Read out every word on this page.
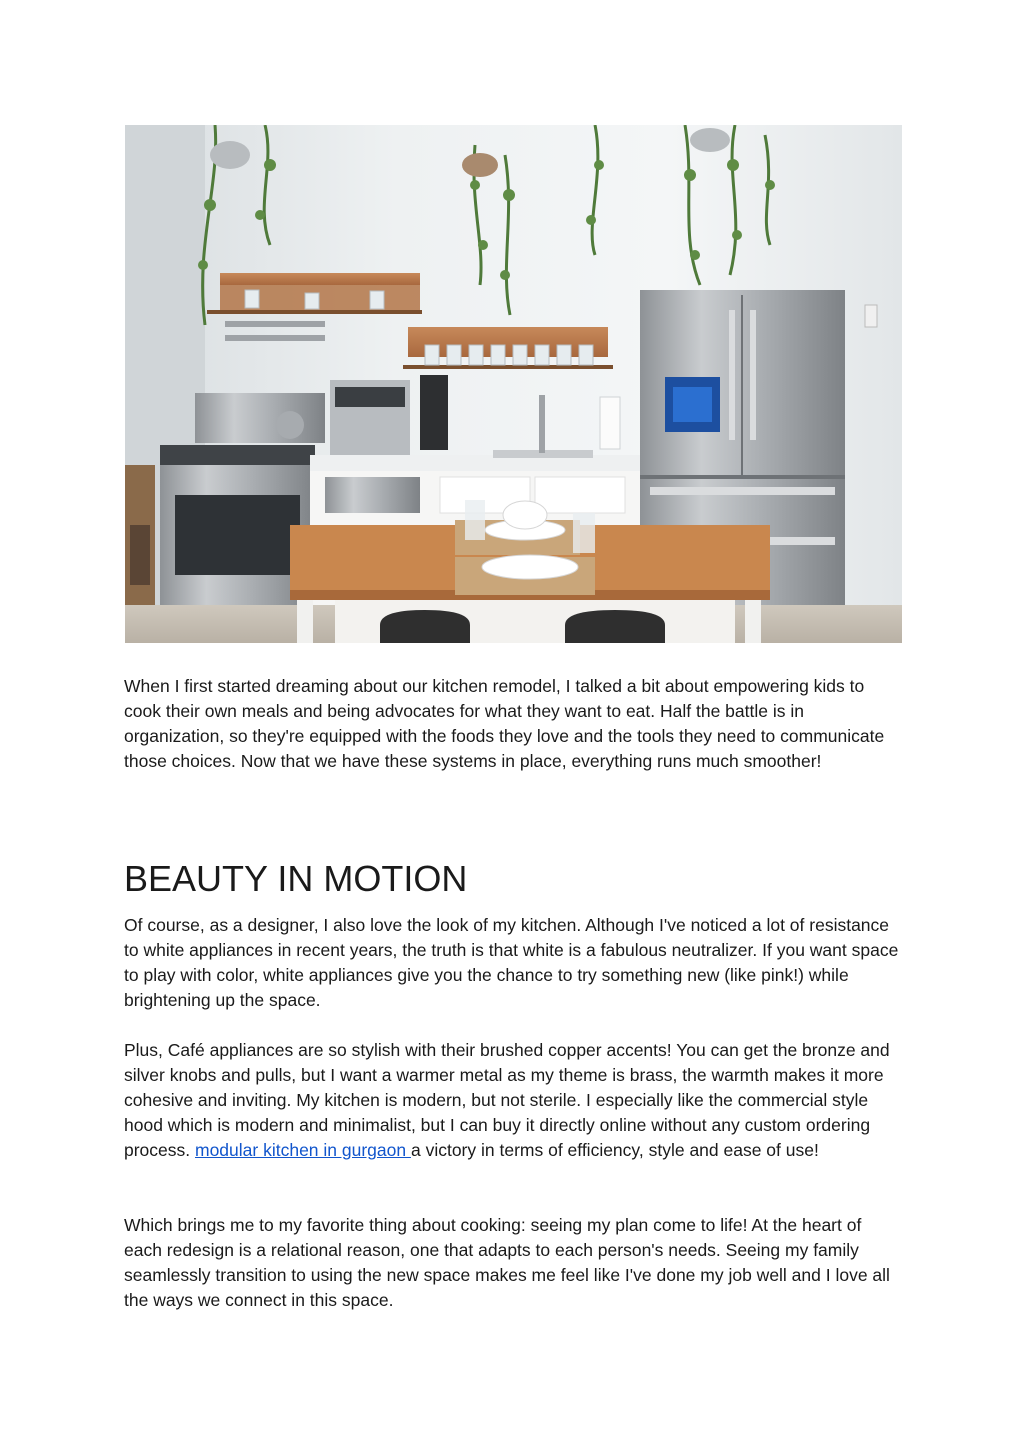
When I first started dreaming about our kitchen remodel, I talked a bit about empowering kids to cook their own meals and being advocates for what they want to eat. Half the battle is in organization, so they're equipped with the foods they love and the tools they need to communicate those choices. Now that we have these systems in place, everything runs much smoother!

BEAUTY IN MOTION

Of course, as a designer, I also love the look of my kitchen. Although I've noticed a lot of resistance to white appliances in recent years, the truth is that white is a fabulous neutralizer. If you want space to play with color, white appliances give you the chance to try something new (like pink!) while brightening up the space.

Plus, Café appliances are so stylish with their brushed copper accents! You can get the bronze and silver knobs and pulls, but I want a warmer metal as my theme is brass, the warmth makes it more cohesive and inviting. My kitchen is modern, but not sterile. I especially like the commercial style hood which is modern and minimalist, but I can buy it directly online without any custom ordering process. modular kitchen in gurgaon a victory in terms of efficiency, style and ease of use!

Which brings me to my favorite thing about cooking: seeing my plan come to life! At the heart of each redesign is a relational reason, one that adapts to each person's needs. Seeing my family seamlessly transition to using the new space makes me feel like I've done my job well and I love all the ways we connect in this space.
